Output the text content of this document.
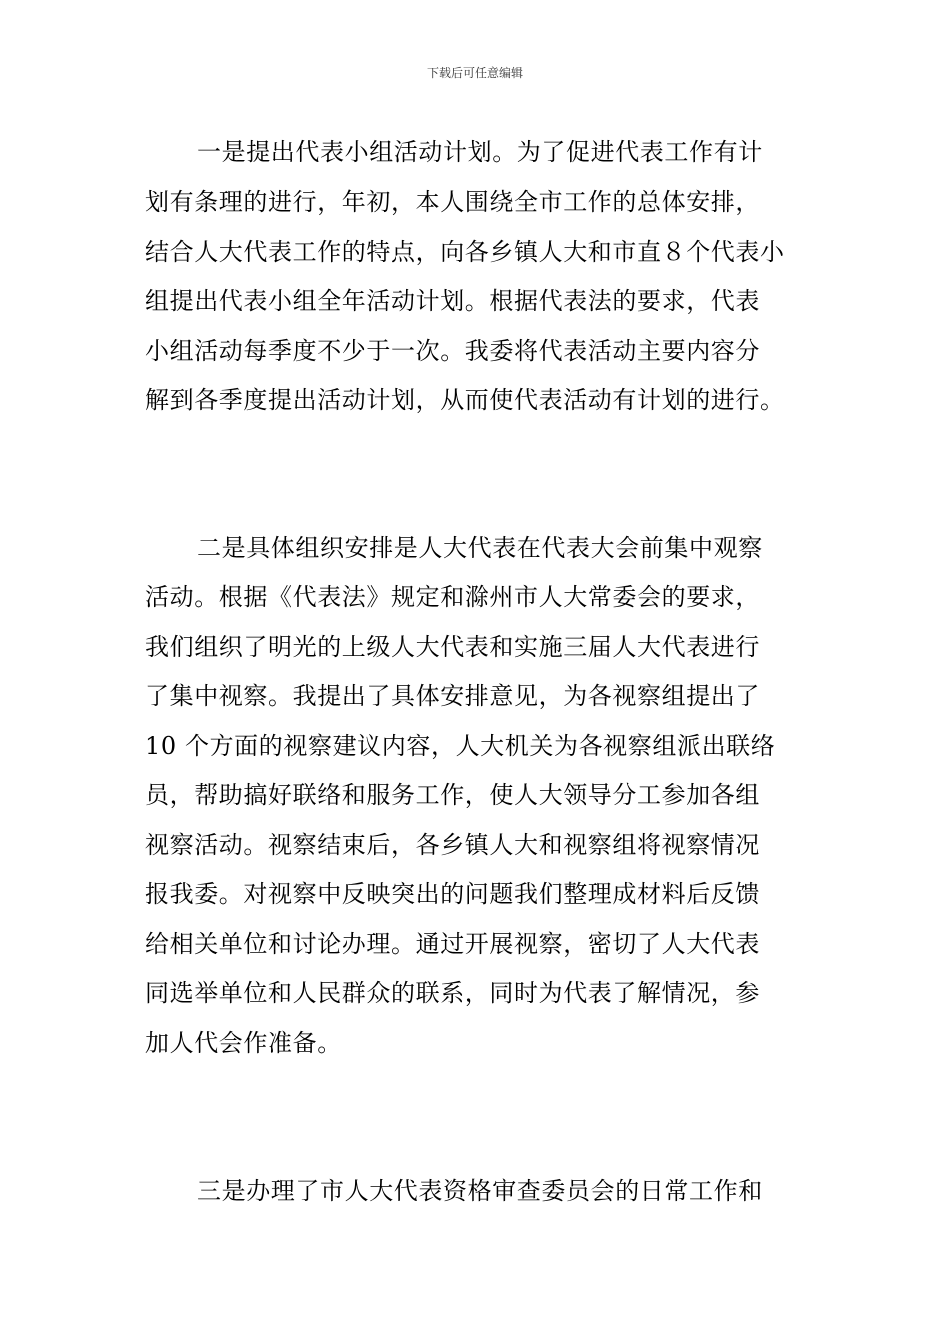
下载后可任意编辑
一是提出代表小组活动计划。为了促进代表工作有计
划有条理的进行，年初，本人围绕全市工作的总体安排，
结合人大代表工作的特点，向各乡镇人大和市直８个代表小
组提出代表小组全年活动计划。根据代表法的要求，代表
小组活动每季度不少于一次。我委将代表活动主要内容分
解到各季度提出活动计划，从而使代表活动有计划的进行。
二是具体组织安排是人大代表在代表大会前集中观察
活动。根据《代表法》规定和滁州市人大常委会的要求，
我们组织了明光的上级人大代表和实施三届人大代表进行
了集中视察。我提出了具体安排意见，为各视察组提出了
10 个方面的视察建议内容，人大机关为各视察组派出联络
员，帮助搞好联络和服务工作，使人大领导分工参加各组
视察活动。视察结束后，各乡镇人大和视察组将视察情况
报我委。对视察中反映突出的问题我们整理成材料后反馈
给相关单位和讨论办理。通过开展视察，密切了人大代表
同选举单位和人民群众的联系，同时为代表了解情况，参
加人代会作准备。
三是办理了市人大代表资格审查委员会的日常工作和
